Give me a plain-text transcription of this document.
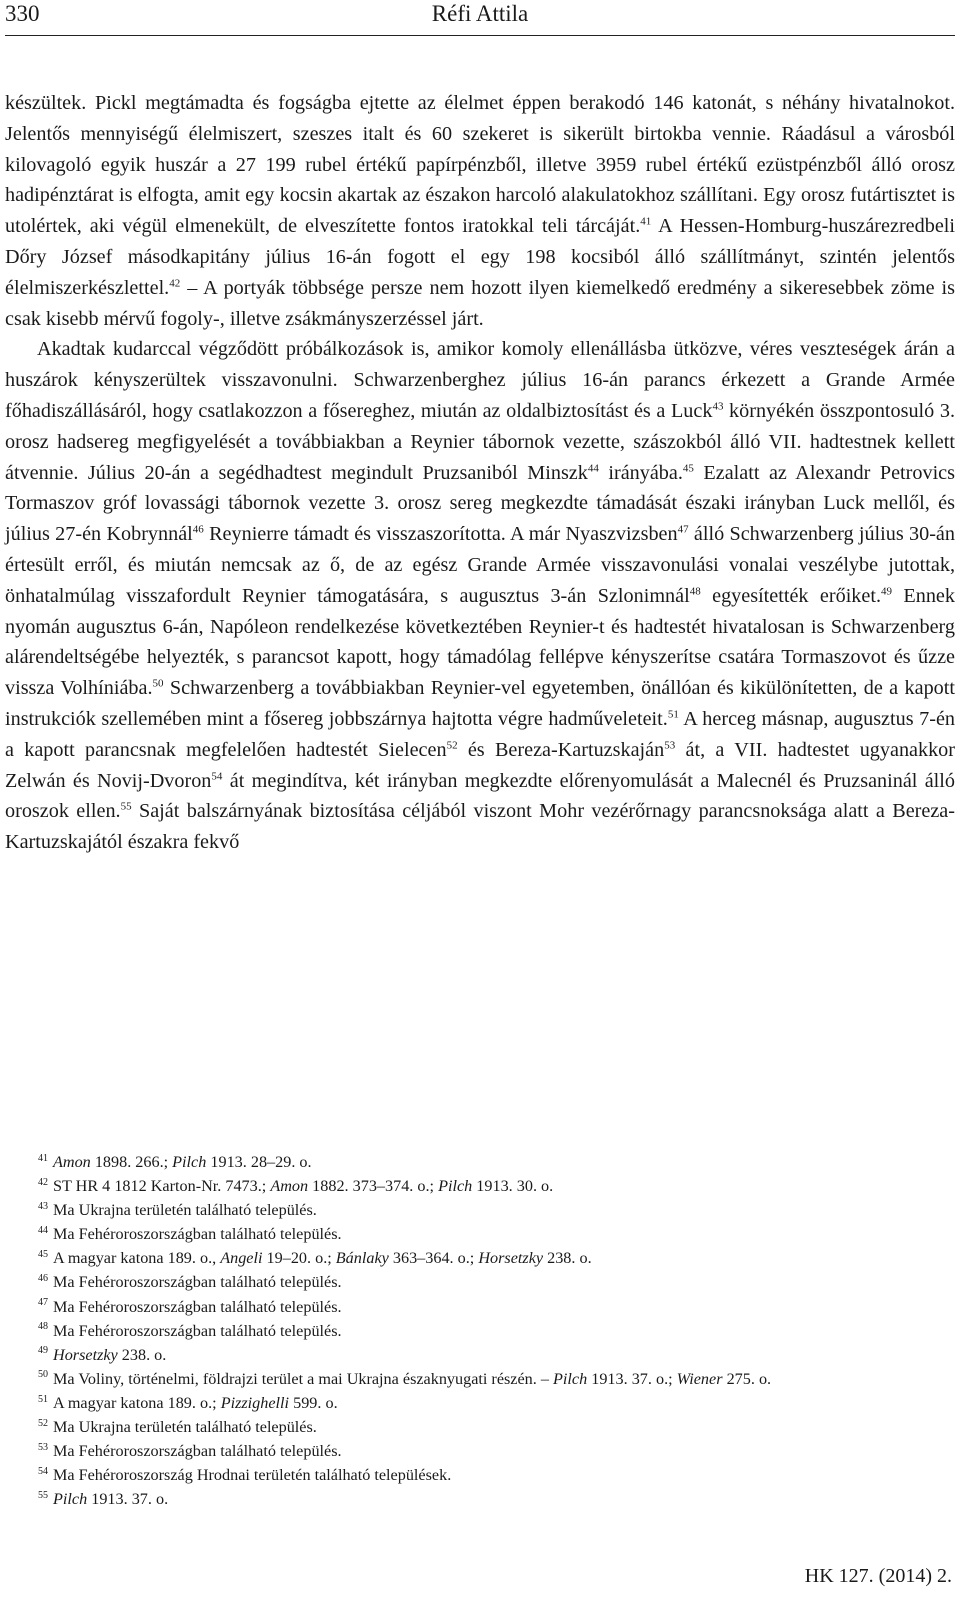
330	Réfi Attila

készültek. Pickl megtámadta és fogságba ejtette az élelmet éppen berakodó 146 katonát, s néhány hivatalnokot. Jelentős mennyiségű élelmiszert, szeszes italt és 60 szekeret is sikerült birtokba vennie. Ráadásul a városból kilovagoló egyik huszár a 27 199 rubel értékű papírpénzből, illetve 3959 rubel értékű ezüstpénzből álló orosz hadipénztárat is elfogta, amit egy kocsin akartak az északon harcoló alakulatokhoz szállítani. Egy orosz futártisztet is utolértek, aki végül elmenekült, de elveszítette fontos iratokkal teli tárcáját.$^{41}$ A Hessen-Homburg-huszárezredbeli Dőry József másodkapitány július 16-án fogott el egy 198 kocsiból álló szállítmányt, szintén jelentős élelmiszerkészlettel.$^{42}$ – A portyák többsége persze nem hozott ilyen kiemelkedő eredmény a sikeresebbek zöme is csak kisebb mérvű fogoly-, illetve zsákmányszerzéssel járt.

Akadtak kudarccal végződött próbálkozások is, amikor komoly ellenállásba ütközve, véres veszteségek árán a huszárok kényszerültek visszavonulni. Schwarzenberghez július 16-án parancs érkezett a Grande Armée főhadiszállásáról, hogy csatlakozzon a fősereghez, miután az oldalbiztosítást és a Luck$^{43}$ környékén összpontosuló 3. orosz hadsereg megfigyelését a továbbiakban a Reynier tábornok vezette, szászokból álló VII. hadtestnek kellett átvennie. Július 20-án a segédhadtest megindult Pruzsaniból Minszk$^{44}$ irányába.$^{45}$ Ezalatt az Alexandr Petrovics Tormaszov gróf lovassági tábornok vezette 3. orosz sereg megkezdte támadását északi irányban Luck mellől, és július 27-én Kobrynnál$^{46}$ Reynierre támadt és visszaszorította. A már Nyaszvizsben$^{47}$ álló Schwarzenberg július 30-án értesült erről, és miután nemcsak az ő, de az egész Grande Armée visszavonulási vonalai veszélybe jutottak, önhatalmúlag visszafordult Reynier támogatására, s augusztus 3-án Szlonimnál$^{48}$ egyesítették erőiket.$^{49}$ Ennek nyomán augusztus 6-án, Napóleon rendelkezése következtében Reynier-t és hadtestét hivatalosan is Schwarzenberg alárendeltségébe helyezték, s parancsot kapott, hogy támadólag fellépve kényszerítse csatára Tormaszovot és űzze vissza Volhíniába.$^{50}$ Schwarzenberg a továbbiakban Reynier-vel egyetemben, önállóan és kikülönítetten, de a kapott instrukciók szellemében mint a fősereg jobbszárnya hajtotta végre hadműveleteit.$^{51}$ A herceg másnap, augusztus 7-én a kapott parancsnak megfelelően hadtestét Sielecen$^{52}$ és Bereza-Kartuzskaján$^{53}$ át, a VII. hadtestet ugyanakkor Zelwán és Novij-Dvoron$^{54}$ át megindítva, két irányban megkezdte előrenyomulását a Malecnél és Pruzsaninál álló oroszok ellen.$^{55}$ Saját balszárnyának biztosítása céljából viszont Mohr vezérőrnagy parancsnoksága alatt a Bereza-Kartuzskajától északra fekvő

$^{41}$ Amon 1898. 266.; Pilch 1913. 28–29. o.
$^{42}$ ST HR 4 1812 Karton-Nr. 7473.; Amon 1882. 373–374. o.; Pilch 1913. 30. o.
$^{43}$ Ma Ukrajna területén található település.
$^{44}$ Ma Fehéroroszországban található település.
$^{45}$ A magyar katona 189. o., Angeli 19–20. o.; Bánlaky 363–364. o.; Horsetzky 238. o.
$^{46}$ Ma Fehéroroszországban található település.
$^{47}$ Ma Fehéroroszországban található település.
$^{48}$ Ma Fehéroroszországban található település.
$^{49}$ Horsetzky 238. o.
$^{50}$ Ma Voliny, történelmi, földrajzi terület a mai Ukrajna északnyugati részén. – Pilch 1913. 37. o.; Wiener 275. o.
$^{51}$ A magyar katona 189. o.; Pizzighelli 599. o.
$^{52}$ Ma Ukrajna területén található település.
$^{53}$ Ma Fehéroroszországban található település.
$^{54}$ Ma Fehéroroszország Hrodnai területén található települések.
$^{55}$ Pilch 1913. 37. o.
HK 127. (2014) 2.
